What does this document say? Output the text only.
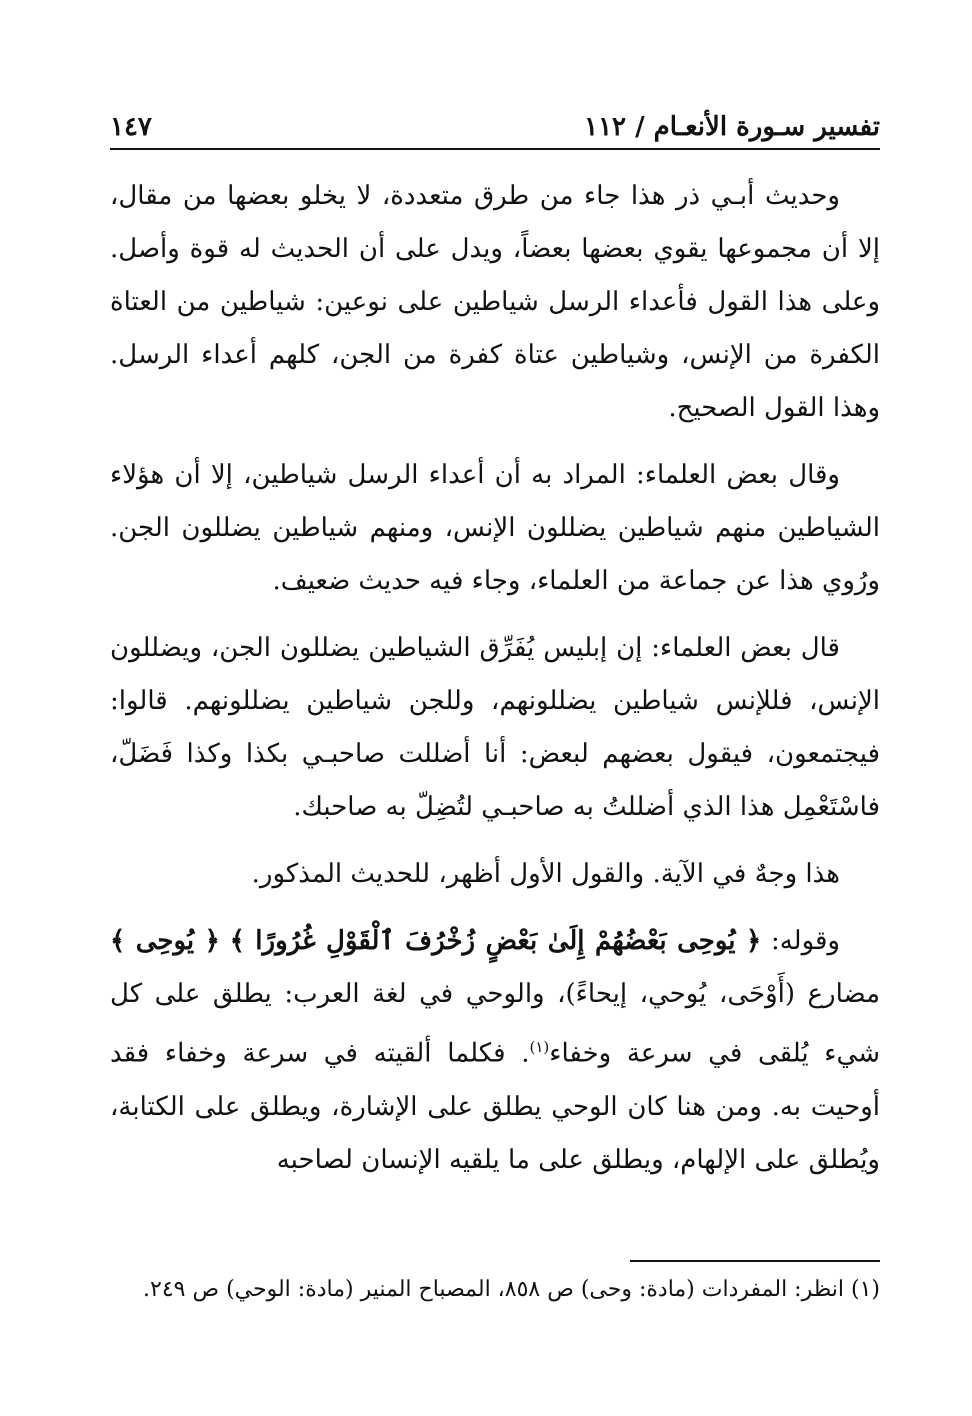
تفسير سـورة الأنعـام / ١١٢
١٤٧

وحديث أبـي ذر هذا جاء من طرق متعددة، لا يخلو بعضها من مقال، إلا أن مجموعها يقوي بعضها بعضاً، ويدل على أن الحديث له قوة وأصل. وعلى هذا القول فأعداء الرسل شياطين على نوعين: شياطين من العتاة الكفرة من الإنس، وشياطين عتاة كفرة من الجن، كلهم أعداء الرسل. وهذا القول الصحيح.

وقال بعض العلماء: المراد به أن أعداء الرسل شياطين، إلا أن هؤلاء الشياطين منهم شياطين يضللون الإنس، ومنهم شياطين يضللون الجن. ورُوي هذا عن جماعة من العلماء، وجاء فيه حديث ضعيف.

قال بعض العلماء: إن إبليس يُفَرِّق الشياطين يضللون الجن، ويضللون الإنس، فللإنس شياطين يضللونهم، وللجن شياطين يضللونهم. قالوا: فيجتمعون، فيقول بعضهم لبعض: أنا أضللت صاحبـي بكذا وكذا فَضَلّ، فاسْتَعْمِل هذا الذي أضللتُ به صاحبـي لتُضِلّ به صاحبك.

هذا وجهٌ في الآية. والقول الأول أظهر، للحديث المذكور.

وقوله: ﴿ يُوحِى بَعْضُهُمْ إِلَىٰ بَعْضٍ زُخْرُفَ ٱلْقَوْلِ غُرُورًا ﴾ ﴿ يُوحِى ﴾ مضارع (أَوْحَى، يُوحي، إيحاءً)، والوحي في لغة العرب: يطلق على كل شيء يُلقى في سرعة وخفاء$^{(١)}$. فكلما ألقيته في سرعة وخفاء فقد أوحيت به. ومن هنا كان الوحي يطلق على الإشارة، ويطلق على الكتابة، ويُطلق على الإلهام، ويطلق على ما يلقيه الإنسان لصاحبه

(١) انظر: المفردات (مادة: وحى) ص ٨٥٨، المصباح المنير (مادة: الوحي) ص ٢٤٩.
